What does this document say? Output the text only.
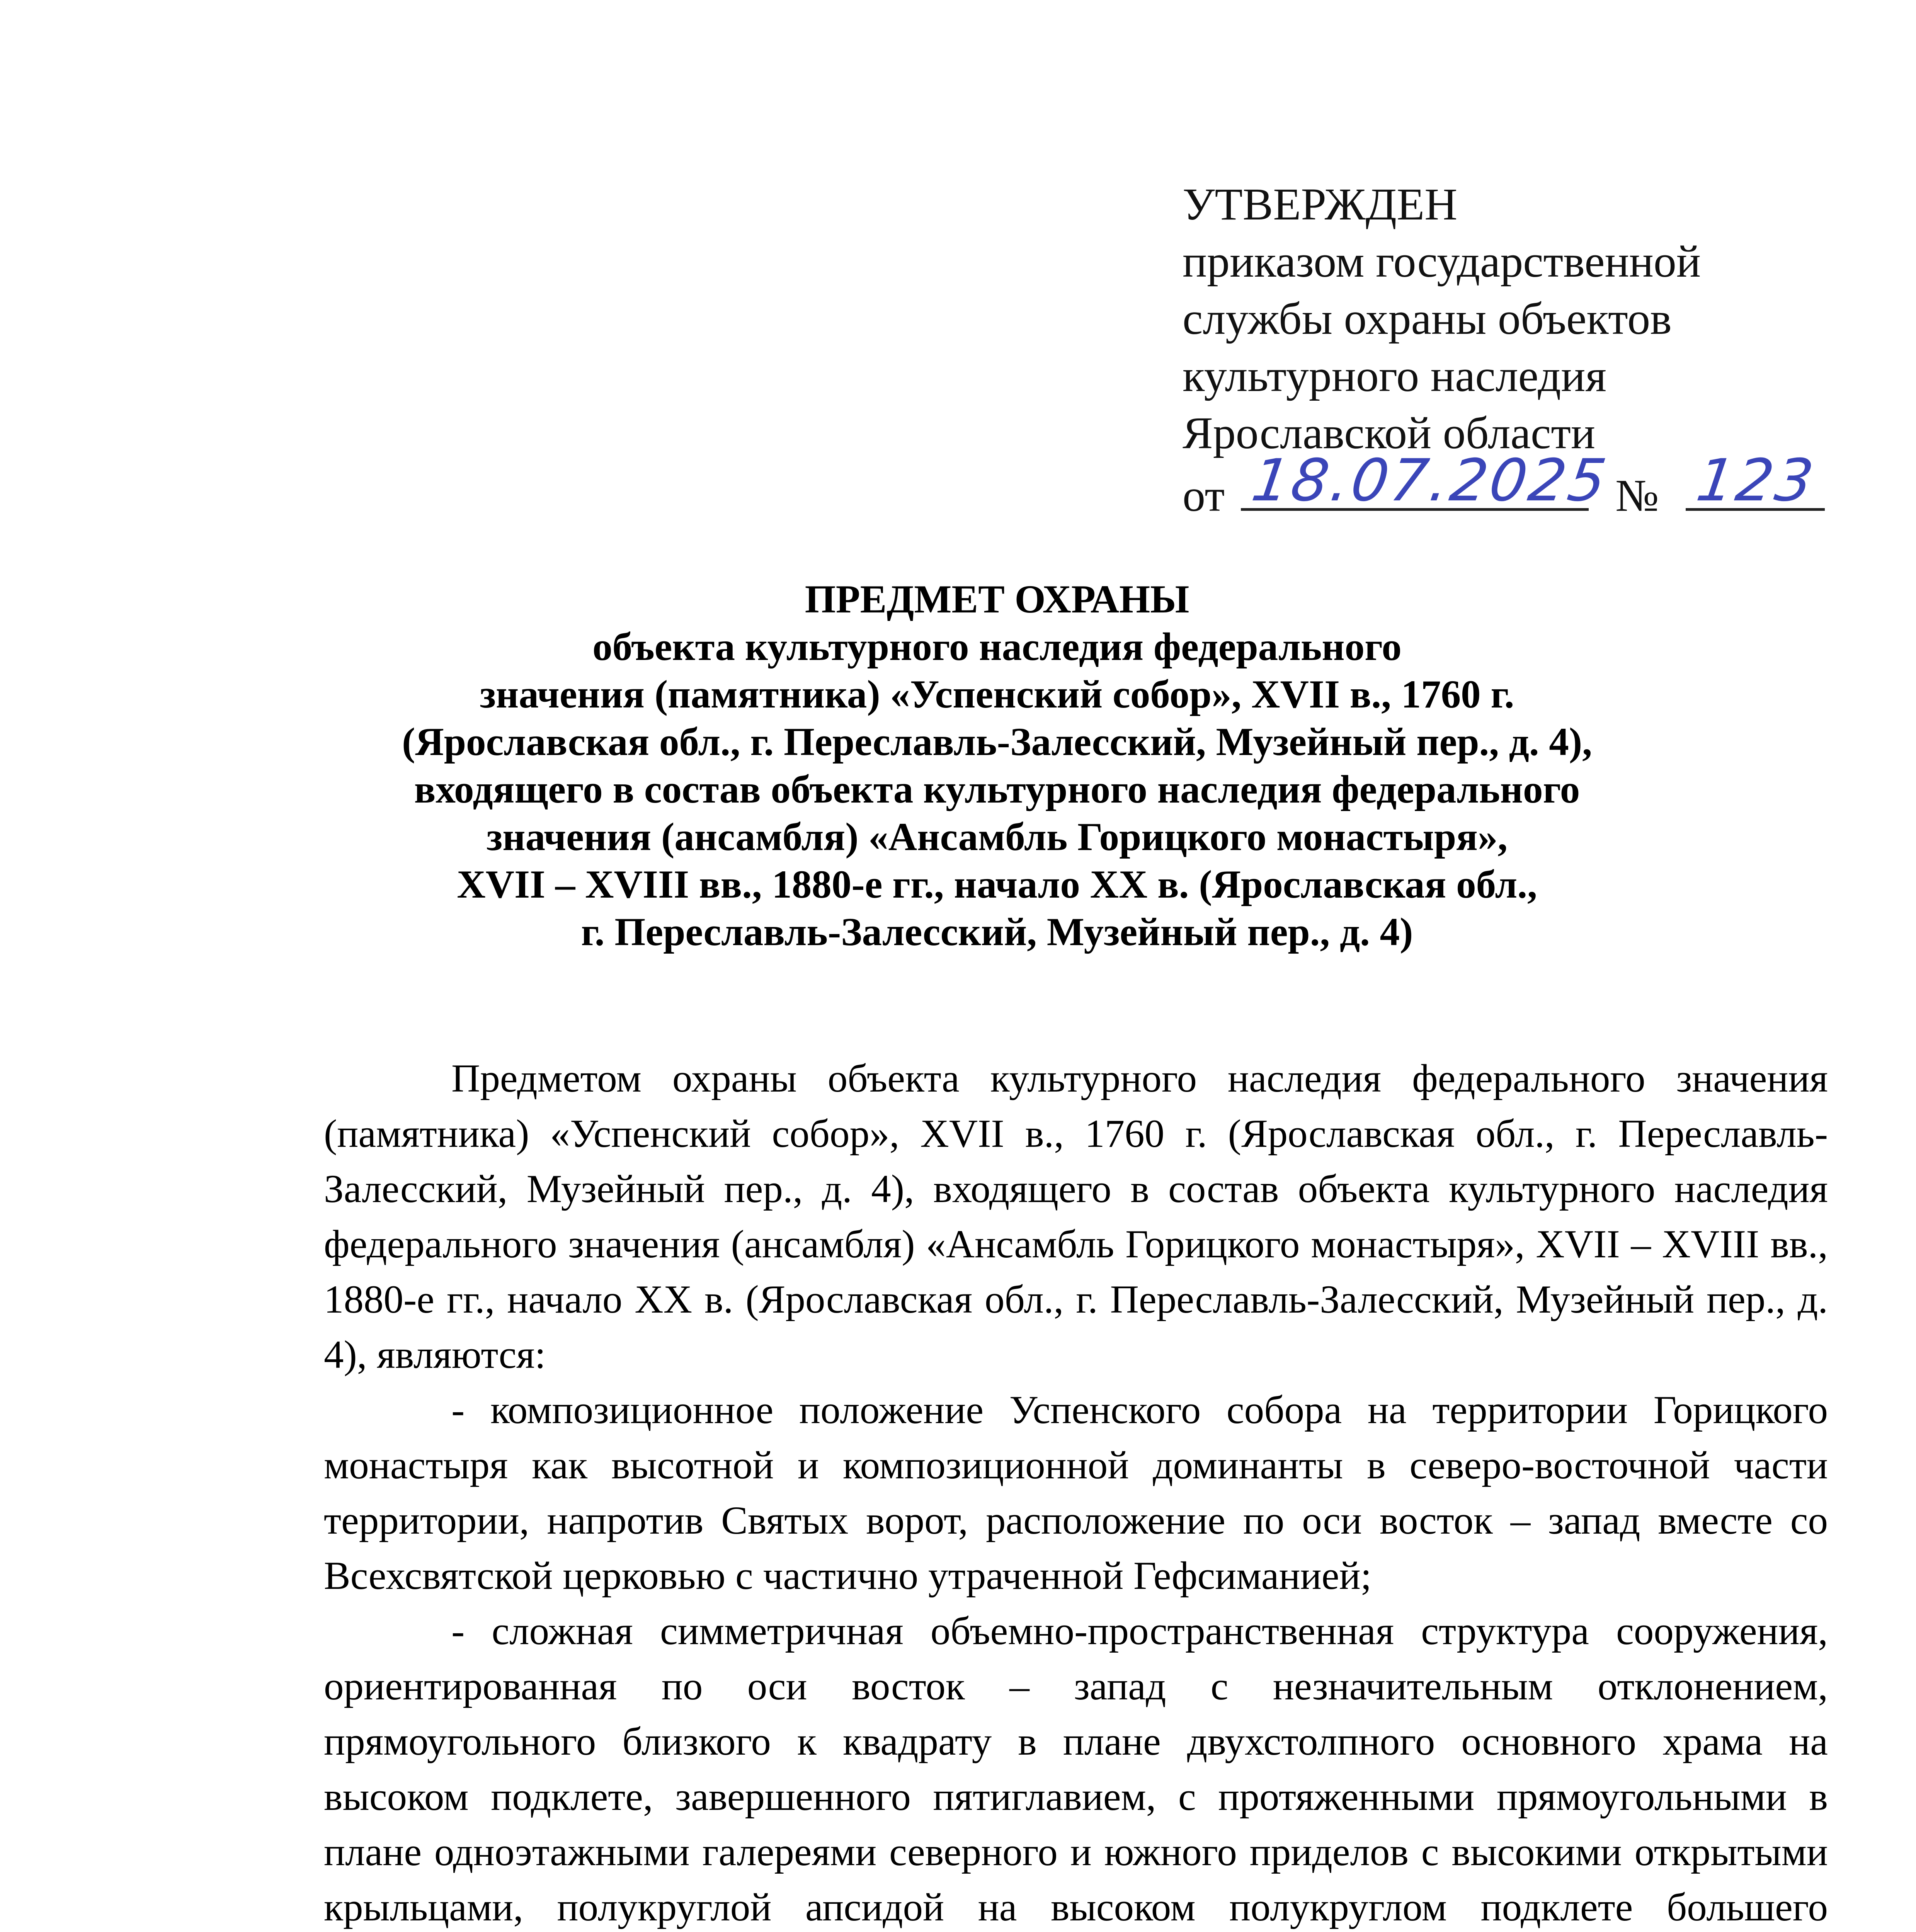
УТВЕРЖДЕН
приказом государственной
службы охраны объектов
культурного наследия
Ярославской области
от 18.07.2025 № 123
ПРЕДМЕТ ОХРАНЫ
объекта культурного наследия федерального
значения (памятника) «Успенский собор», XVII в., 1760 г.
(Ярославская обл., г. Переславль-Залесский, Музейный пер., д. 4),
входящего в состав объекта культурного наследия федерального
значения (ансамбля) «Ансамбль Горицкого монастыря»,
XVII – XVIII вв., 1880-е гг., начало XX в. (Ярославская обл.,
г. Переславль-Залесский, Музейный пер., д. 4)

Предметом охраны объекта культурного наследия федерального значения (памятника) «Успенский собор», XVII в., 1760 г. (Ярославская обл., г. Переславль-Залесский, Музейный пер., д. 4), входящего в состав объекта культурного наследия федерального значения (ансамбля) «Ансамбль Горицкого монастыря», XVII – XVIII вв., 1880-е гг., начало XX в. (Ярославская обл., г. Переславль-Залесский, Музейный пер., д. 4), являются:

- композиционное положение Успенского собора на территории Горицкого монастыря как высотной и композиционной доминанты в северо-восточной части территории, напротив Святых ворот, расположение по оси восток – запад вместе со Всехсвятской церковью с частично утраченной Гефсиманией;

- сложная симметричная объемно-пространственная структура сооружения, ориентированная по оси восток – запад с незначительным отклонением, прямоугольного близкого к квадрату в плане двухстолпного основного храма на высоком подклете, завершенного пятиглавием, с протяженными прямоугольными в плане одноэтажными галереями северного и южного приделов с высокими открытыми крыльцами, полукруглой апсидой на высоком полукруглом подклете большего
